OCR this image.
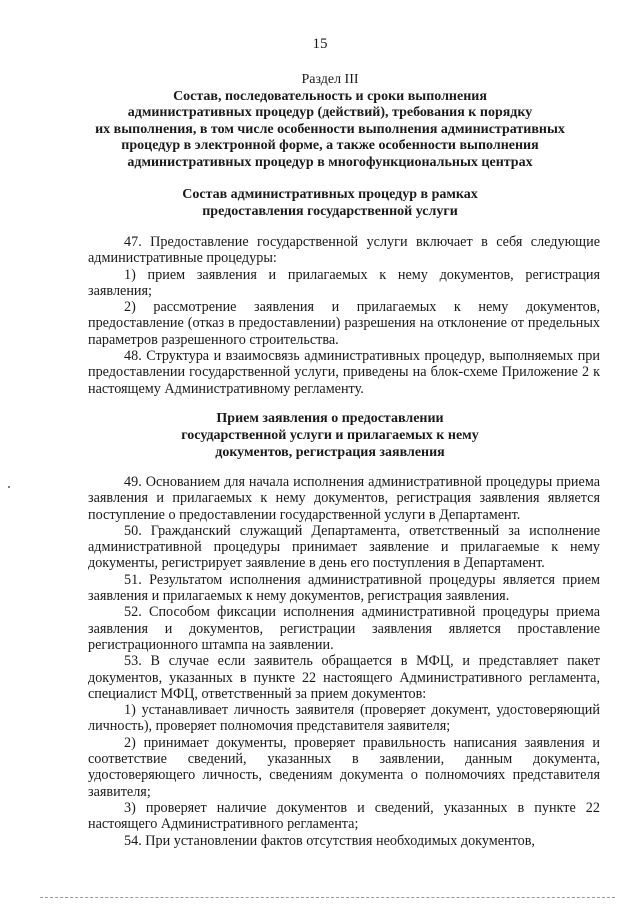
15
Раздел III
Состав, последовательность и сроки выполнения
административных процедур (действий), требования к порядку
их выполнения, в том числе особенности выполнения административных
процедур в электронной форме, а также особенности выполнения
административных процедур в многофункциональных центрах
Состав административных процедур в рамках
предоставления государственной услуги

47. Предоставление государственной услуги включает в себя следующие административные процедуры:

1) прием заявления и прилагаемых к нему документов, регистрация заявления;

2) рассмотрение заявления и прилагаемых к нему документов, предоставление (отказ в предоставлении) разрешения на отклонение от предельных параметров разрешенного строительства.

48. Структура и взаимосвязь административных процедур, выполняемых при предоставлении государственной услуги, приведены на блок-схеме Приложение 2 к настоящему Административному регламенту.

Прием заявления о предоставлении
государственной услуги и прилагаемых к нему
документов, регистрация заявления

49. Основанием для начала исполнения административной процедуры приема заявления и прилагаемых к нему документов, регистрация заявления является поступление о предоставлении государственной услуги в Департамент.

50. Гражданский служащий Департамента, ответственный за исполнение административной процедуры принимает заявление и прилагаемые к нему документы, регистрирует заявление в день его поступления в Департамент.

51. Результатом исполнения административной процедуры является прием заявления и прилагаемых к нему документов, регистрация заявления.

52. Способом фиксации исполнения административной процедуры приема заявления и документов, регистрации заявления является проставление регистрационного штампа на заявлении.

53. В случае если заявитель обращается в МФЦ, и представляет пакет документов, указанных в пункте 22 настоящего Административного регламента, специалист МФЦ, ответственный за прием документов:

1) устанавливает личность заявителя (проверяет документ, удостоверяющий личность), проверяет полномочия представителя заявителя;

2) принимает документы, проверяет правильность написания заявления и соответствие сведений, указанных в заявлении, данным документа, удостоверяющего личность, сведениям документа о полномочиях представителя заявителя;

3) проверяет наличие документов и сведений, указанных в пункте 22 настоящего Административного регламента;

54. При установлении фактов отсутствия необходимых документов,
